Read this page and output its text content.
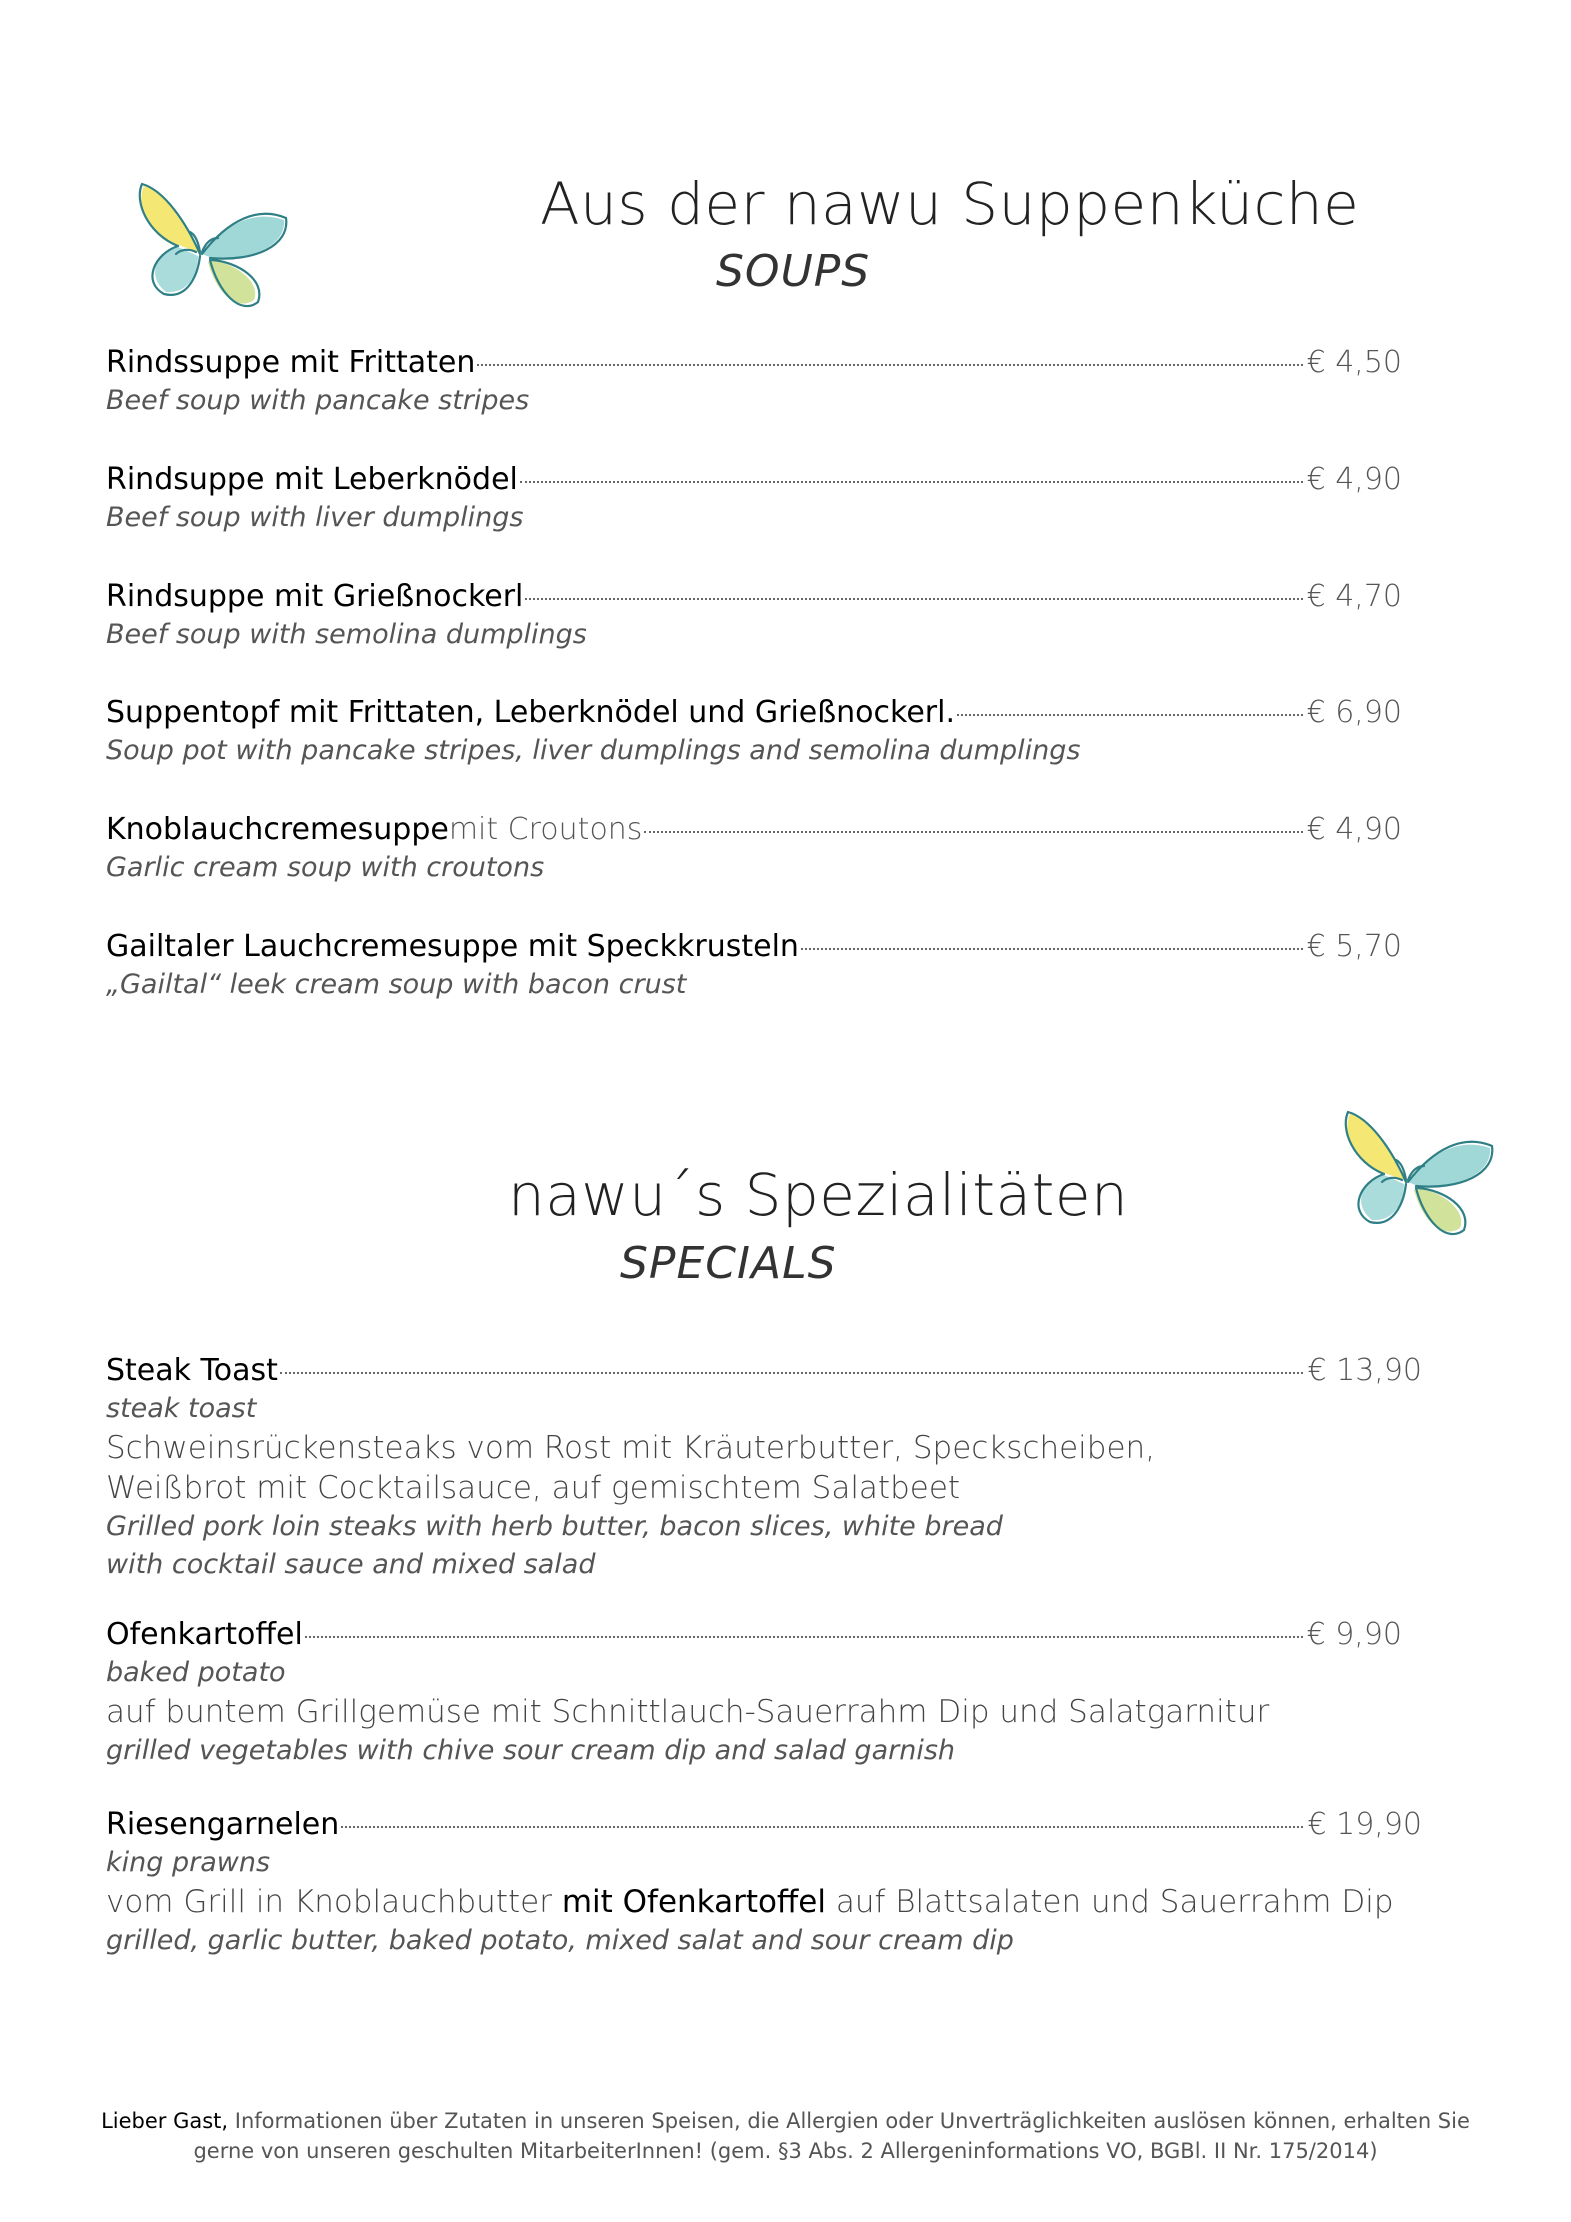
Aus der nawu Suppenküche
SOUPS
Rindssuppe mit Frittaten	€ 4,50
Beef soup with pancake stripes
Rindsuppe mit Leberknödel	€ 4,90
Beef soup with liver dumplings
Rindsuppe mit Grießnockerl	€ 4,70
Beef soup with semolina dumplings
Suppentopf mit Frittaten, Leberknödel und Grießnockerl.	€ 6,90
Soup pot with pancake stripes, liver dumplings and semolina dumplings
Knoblauchcremesuppe mit Croutons	€ 4,90
Garlic cream soup with croutons
Gailtaler Lauchcremesuppe mit Speckkrusteln	€ 5,70
„Gailtal“ leek cream soup with bacon crust
nawu´s Spezialitäten
SPECIALS
Steak Toast	€ 13,90
steak toast
Schweinsrückensteaks vom Rost mit Kräuterbutter, Speckscheiben,
Weißbrot mit Cocktailsauce, auf gemischtem Salatbeet
Grilled pork loin steaks with herb butter, bacon slices, white bread
with cocktail sauce and mixed salad
Ofenkartoffel	€ 9,90
baked potato
auf buntem Grillgemüse mit Schnittlauch-Sauerrahm Dip und Salatgarnitur
grilled vegetables with chive sour cream dip and salad garnish
Riesengarnelen	€ 19,90
king prawns
vom Grill in Knoblauchbutter mit Ofenkartoffel auf Blattsalaten und Sauerrahm Dip
grilled, garlic butter, baked potato, mixed salat and sour cream dip
Lieber Gast, Informationen über Zutaten in unseren Speisen, die Allergien oder Unverträglichkeiten auslösen können, erhalten Sie
gerne von unseren geschulten MitarbeiterInnen! (gem. §3 Abs. 2 Allergeninformations VO, BGBl. II Nr. 175/2014)
